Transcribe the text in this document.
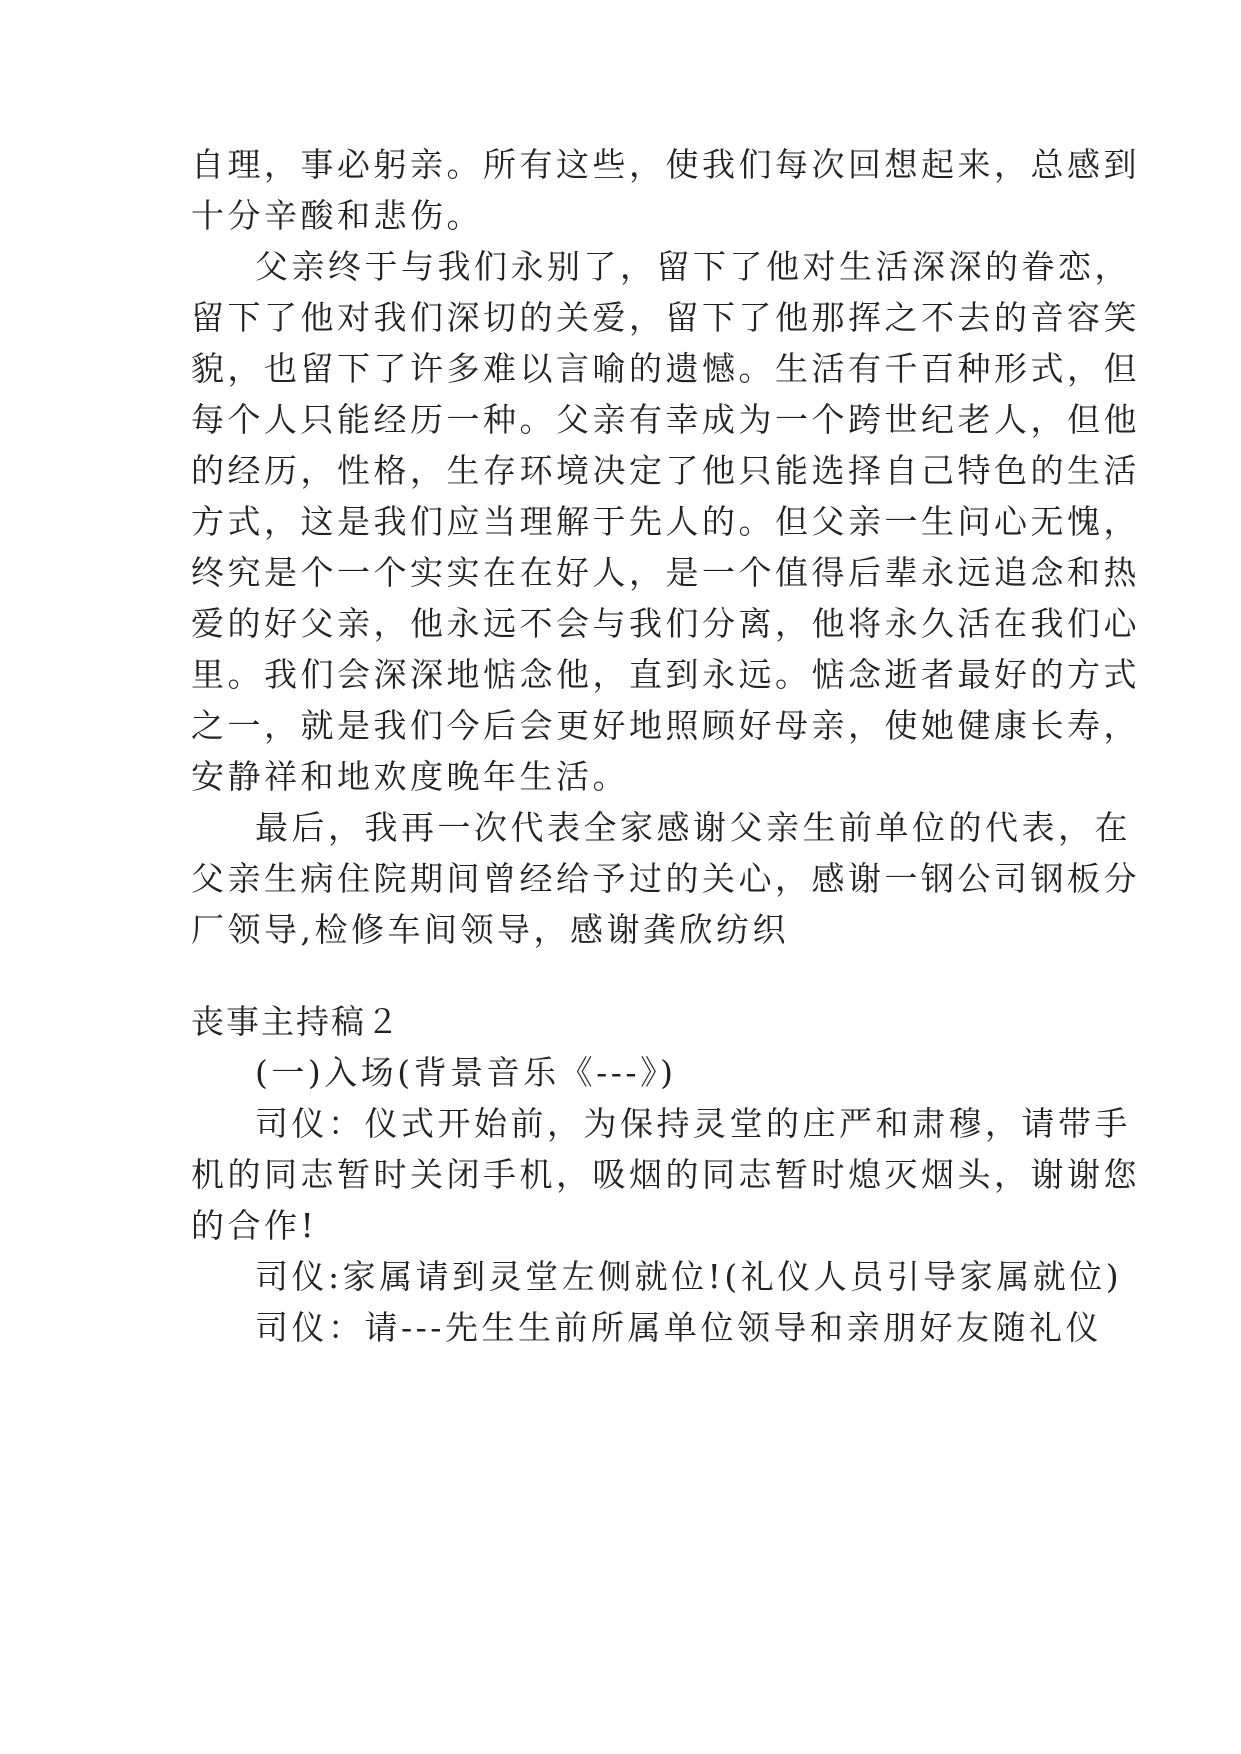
自理，事必躬亲。所有这些，使我们每次回想起来，总感到
十分辛酸和悲伤。
父亲终于与我们永别了，留下了他对生活深深的眷恋，
留下了他对我们深切的关爱，留下了他那挥之不去的音容笑
貌，也留下了许多难以言喻的遗憾。生活有千百种形式，但
每个人只能经历一种。父亲有幸成为一个跨世纪老人，但他
的经历，性格，生存环境决定了他只能选择自己特色的生活
方式，这是我们应当理解于先人的。但父亲一生问心无愧，
终究是个一个实实在在好人，是一个值得后辈永远追念和热
爱的好父亲，他永远不会与我们分离，他将永久活在我们心
里。我们会深深地惦念他，直到永远。惦念逝者最好的方式
之一，就是我们今后会更好地照顾好母亲，使她健康长寿，
安静祥和地欢度晚年生活。
最后，我再一次代表全家感谢父亲生前单位的代表，在
父亲生病住院期间曾经给予过的关心，感谢一钢公司钢板分
厂领导,检修车间领导，感谢龚欣纺织
丧事主持稿２
(一)入场(背景音乐《---》)
司仪：仪式开始前，为保持灵堂的庄严和肃穆，请带手
机的同志暂时关闭手机，吸烟的同志暂时熄灭烟头，谢谢您
的合作!
司仪:家属请到灵堂左侧就位!(礼仪人员引导家属就位)
司仪：请---先生生前所属单位领导和亲朋好友随礼仪
